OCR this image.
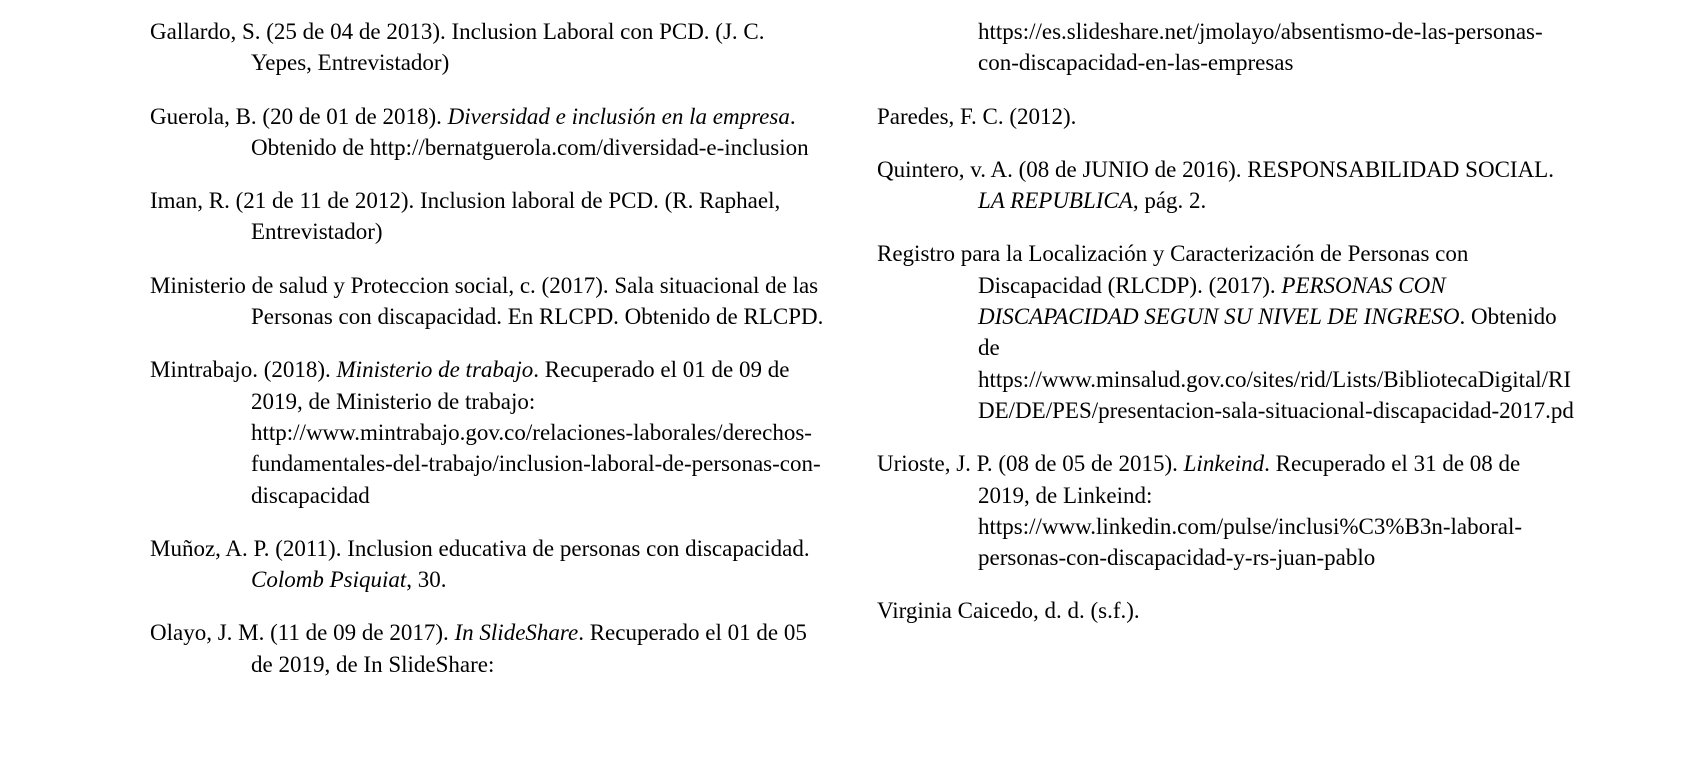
Gallardo, S. (25 de 04 de 2013). Inclusion Laboral con PCD. (J. C. Yepes, Entrevistador)
Guerola, B. (20 de 01 de 2018). Diversidad e inclusión en la empresa. Obtenido de http://bernatguerola.com/diversidad-e-inclusion
Iman, R. (21 de 11 de 2012). Inclusion laboral de PCD. (R. Raphael, Entrevistador)
Ministerio de salud y Proteccion social, c. (2017). Sala situacional de las Personas con discapacidad. En RLCPD. Obtenido de RLCPD.
Mintrabajo. (2018). Ministerio de trabajo. Recuperado el 01 de 09 de 2019, de Ministerio de trabajo: http://www.mintrabajo.gov.co/relaciones-laborales/derechos-fundamentales-del-trabajo/inclusion-laboral-de-personas-con-discapacidad
Muñoz, A. P. (2011). Inclusion educativa de personas con discapacidad. Colomb Psiquiat, 30.
Olayo, J. M. (11 de 09 de 2017). In SlideShare. Recuperado el 01 de 05 de 2019, de In SlideShare:
https://es.slideshare.net/jmolayo/absentismo-de-las-personas-con-discapacidad-en-las-empresas
Paredes, F. C. (2012).
Quintero, v. A. (08 de JUNIO de 2016). RESPONSABILIDAD SOCIAL. LA REPUBLICA, pág. 2.
Registro para la Localización y Caracterización de Personas con Discapacidad (RLCDP). (2017). PERSONAS CON DISCAPACIDAD SEGUN SU NIVEL DE INGRESO. Obtenido de https://www.minsalud.gov.co/sites/rid/Lists/BibliotecaDigital/RIDE/DE/PES/presentacion-sala-situacional-discapacidad-2017.pd
Urioste, J. P. (08 de 05 de 2015). Linkeind. Recuperado el 31 de 08 de 2019, de Linkeind: https://www.linkedin.com/pulse/inclusi%C3%B3n-laboral-personas-con-discapacidad-y-rs-juan-pablo
Virginia Caicedo, d. d. (s.f.).
